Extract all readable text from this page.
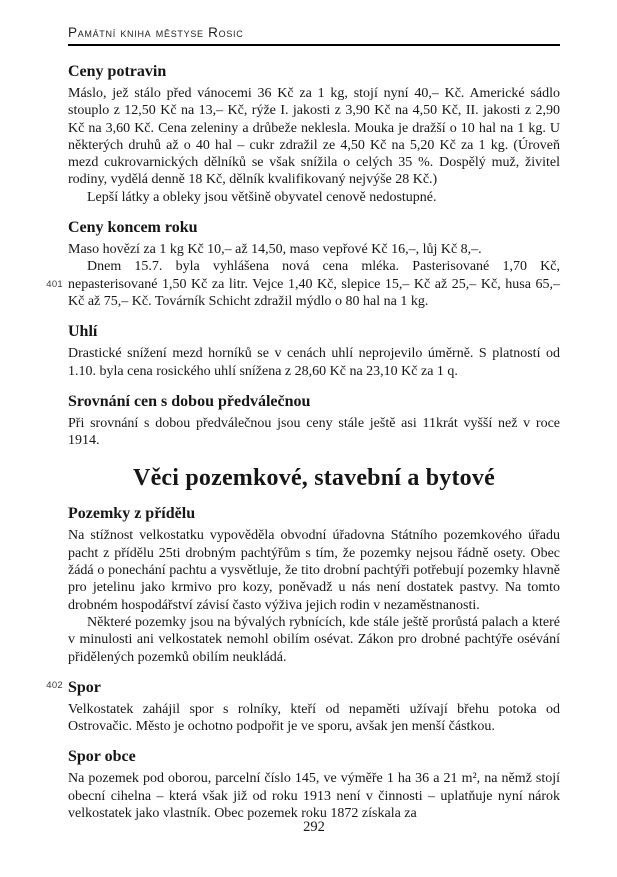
Památní kniha městyse Rosic
Ceny potravin

Máslo, jež stálo před vánocemi 36 Kč za 1 kg, stojí nyní 40,– Kč. Americké sádlo stouplo z 12,50 Kč na 13,– Kč, rýže I. jakosti z 3,90 Kč na 4,50 Kč, II. jakosti z 2,90 Kč na 3,60 Kč. Cena zeleniny a drůbeže neklesla. Mouka je dražší o 10 hal na 1 kg. U některých druhů až o 40 hal – cukr zdražil ze 4,50 Kč na 5,20 Kč za 1 kg. (Úroveň mezd cukrovarnických dělníků se však snížila o celých 35 %. Dospělý muž, živitel rodiny, vydělá denně 18 Kč, dělník kvalifikovaný nejvýše 28 Kč.)

Lepší látky a obleky jsou většině obyvatel cenově nedostupné.

Ceny koncem roku

Maso hovězí za 1 kg Kč 10,– až 14,50, maso vepřové Kč 16,–, lůj Kč 8,–.

401
Dnem 15.7. byla vyhlášena nová cena mléka. Pasterisované 1,70 Kč, nepasterisované 1,50 Kč za litr. Vejce 1,40 Kč, slepice 15,– Kč až 25,– Kč, husa 65,– Kč až 75,– Kč. Továrník Schicht zdražil mýdlo o 80 hal na 1 kg.

Uhlí

Drastické snížení mezd horníků se v cenách uhlí neprojevilo úměrně. S platností od 1.10. byla cena rosického uhlí snížena z 28,60 Kč na 23,10 Kč za 1 q.

Srovnání cen s dobou předválečnou

Při srovnání s dobou předválečnou jsou ceny stále ještě asi 11krát vyšší než v roce 1914.

Věci pozemkové, stavební a bytové
Pozemky z přídělu

Na stížnost velkostatku vypověděla obvodní úřadovna Státního pozemkového úřadu pacht z přídělu 25ti drobným pachtýřům s tím, že pozemky nejsou řádně osety. Obec žádá o ponechání pachtu a vysvětluje, že tito drobní pachtýři potřebují pozemky hlavně pro jetelinu jako krmivo pro kozy, poněvadž u nás není dostatek pastvy. Na tomto drobném hospodářství závisí často výživa jejich rodin v nezaměstnanosti.

Některé pozemky jsou na bývalých rybnících, kde stále ještě prorůstá palach a které v minulosti ani velkostatek nemohl obilím osévat. Zákon pro drobné pachtýře osévání přidělených pozemků obilím neukládá.

402 Spor

Velkostatek zahájil spor s rolníky, kteří od nepaměti užívají břehu potoka od Ostrovačic. Město je ochotno podpořit je ve sporu, avšak jen menší částkou.

Spor obce

Na pozemek pod oborou, parcelní číslo 145, ve výměře 1 ha 36 a 21 m², na němž stojí obecní cihelna – která však již od roku 1913 není v činnosti – uplatňuje nyní nárok velkostatek jako vlastník. Obec pozemek roku 1872 získala za

292
